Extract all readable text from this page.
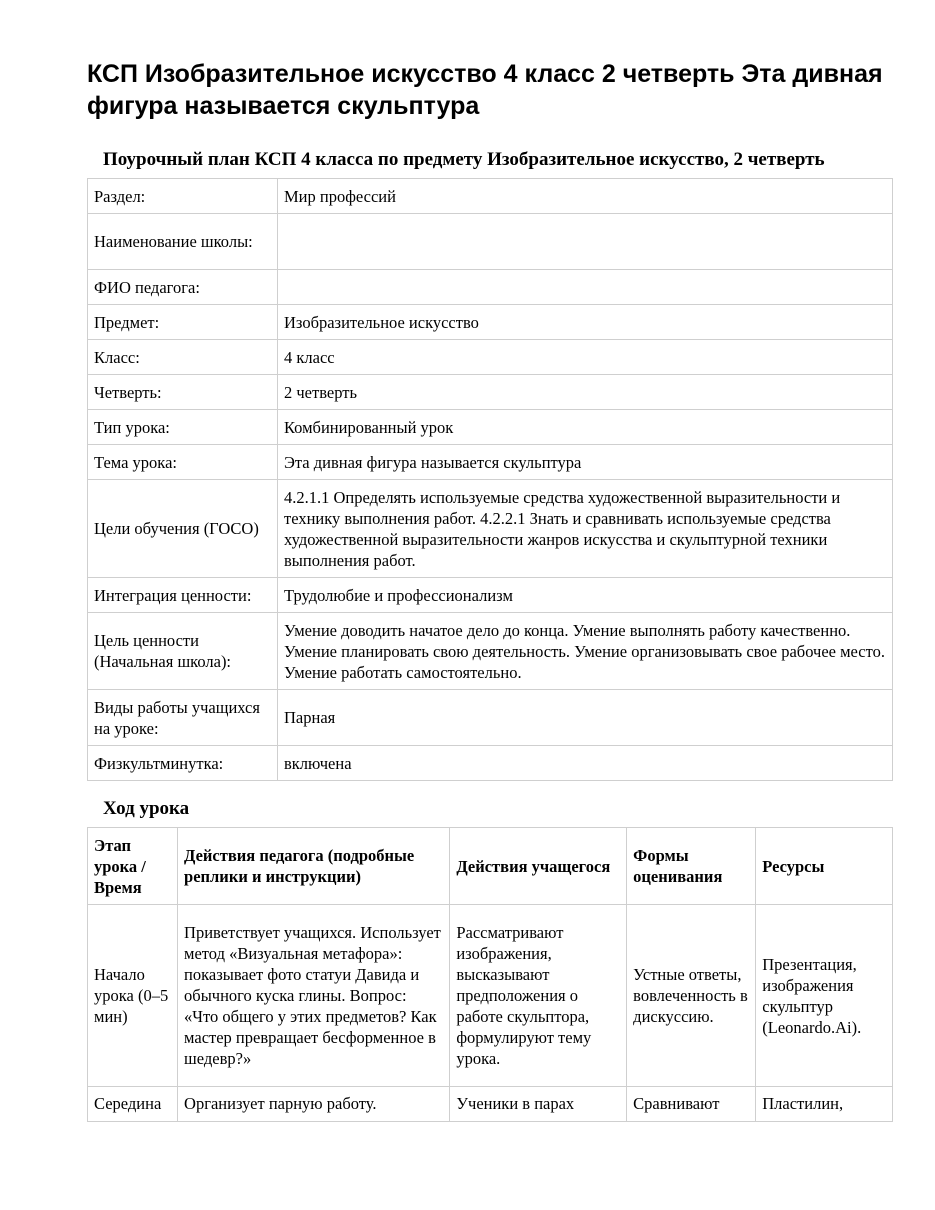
КСП Изобразительное искусство 4 класс 2 четверть Эта дивная фигура называется скульптура
Поурочный план КСП 4 класса по предмету Изобразительное искусство, 2 четверть
Раздел:	Мир профессий
Наименование школы:	
ФИО педагога:	
Предмет:	Изобразительное искусство
Класс:	4 класс
Четверть:	2 четверть
Тип урока:	Комбинированный урок
Тема урока:	Эта дивная фигура называется скульптура
Цели обучения (ГОСО)	4.2.1.1 Определять используемые средства художественной выразительности и технику выполнения работ. 4.2.2.1 Знать и сравнивать используемые средства художественной выразительности жанров искусства и скульптурной техники выполнения работ.
Интеграция ценности:	Трудолюбие и профессионализм
Цель ценности (Начальная школа):	Умение доводить начатое дело до конца. Умение выполнять работу качественно. Умение планировать свою деятельность. Умение организовывать свое рабочее место. Умение работать самостоятельно.
Виды работы учащихся на уроке:	Парная
Физкультминутка:	включена
Ход урока
Этап урока / Время	Действия педагога (подробные реплики и инструкции)	Действия учащегося	Формы оценивания	Ресурсы
Начало урока (0–5 мин)	Приветствует учащихся. Использует метод «Визуальная метафора»: показывает фото статуи Давида и обычного куска глины. Вопрос: «Что общего у этих предметов? Как мастер превращает бесформенное в шедевр?»	Рассматривают изображения, высказывают предположения о работе скульптора, формулируют тему урока.	Устные ответы, вовлеченность в дискуссию.	Презентация, изображения скульптур (Leonardo.Ai).
Середина	Организует парную работу.	Ученики в парах	Сравнивают	Пластилин,
